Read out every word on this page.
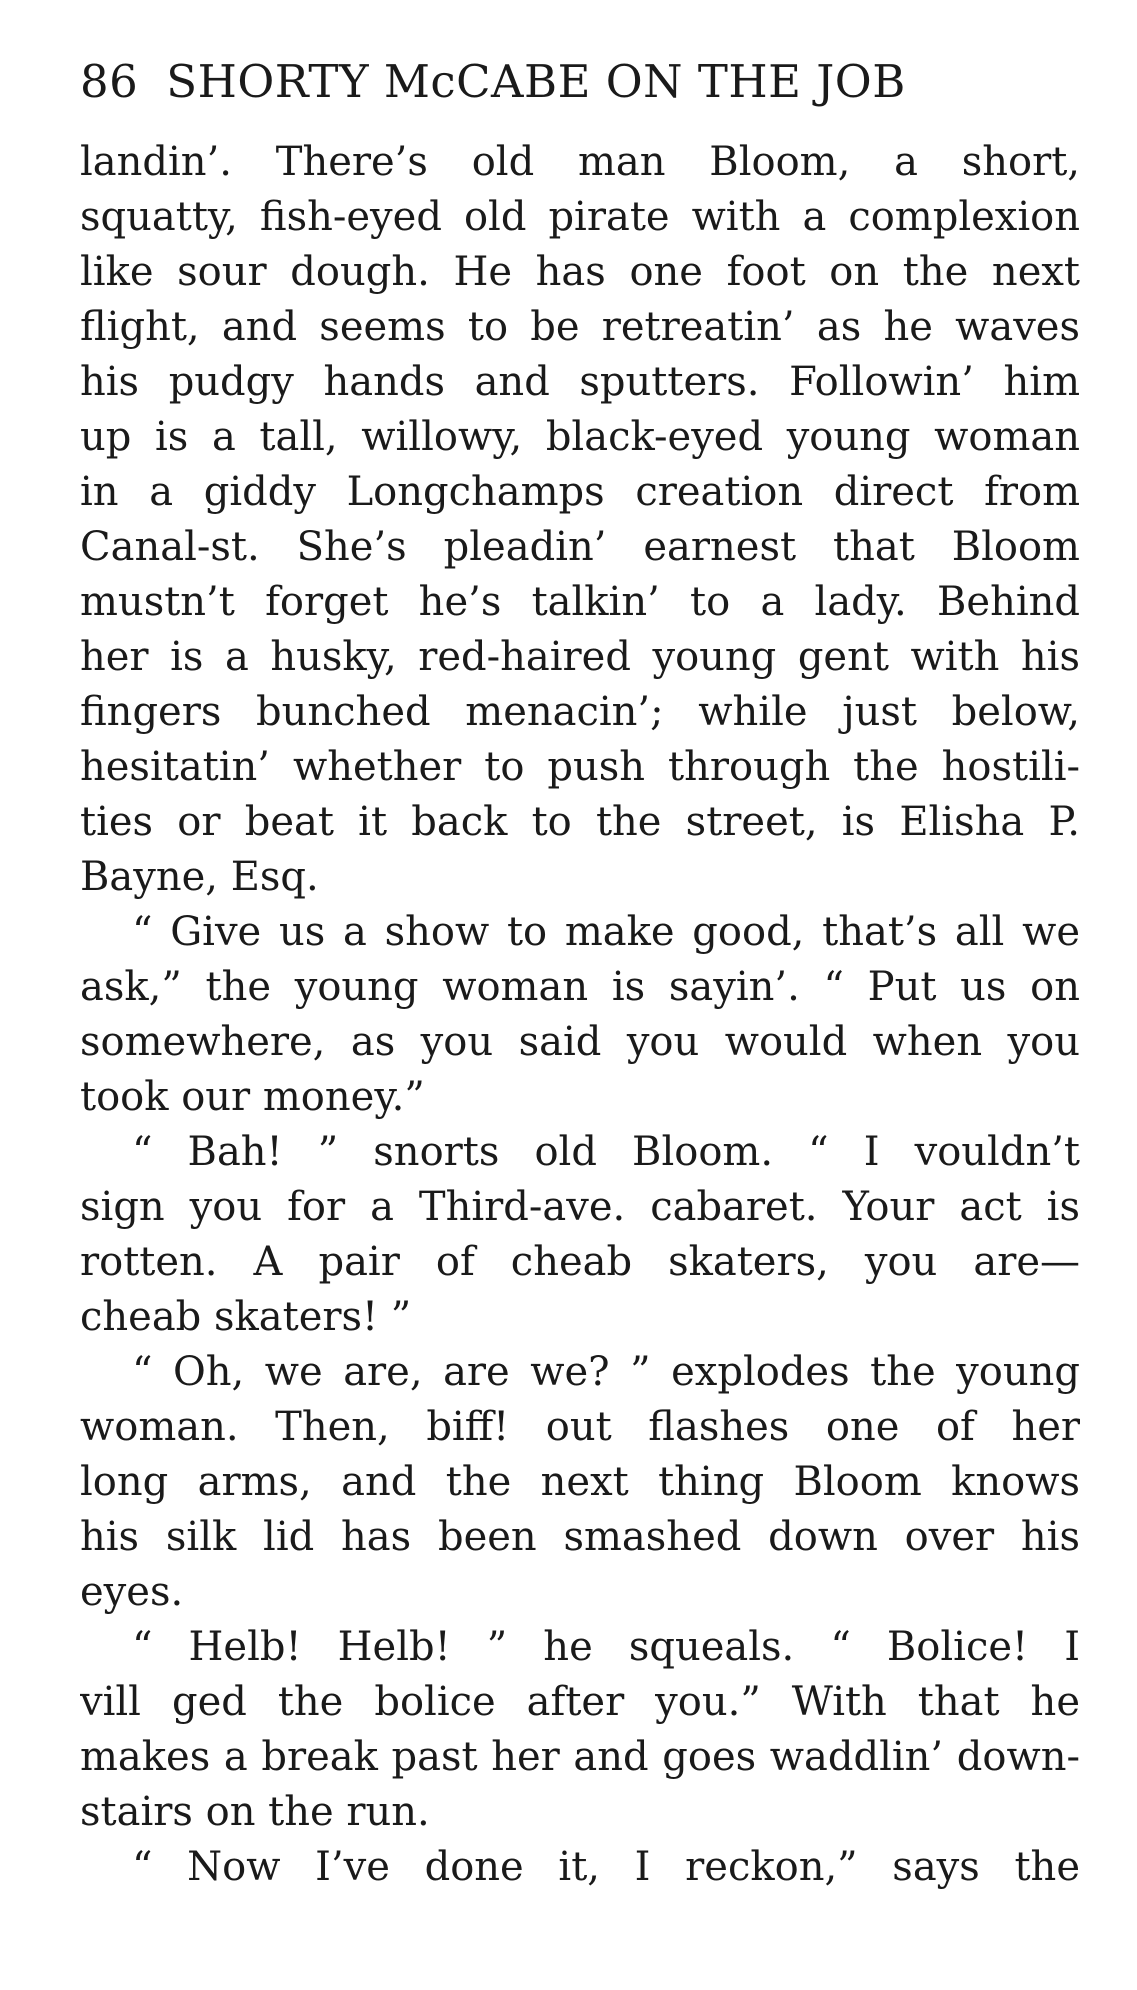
86 SHORTY McCABE ON THE JOB
landin’. There’s old man Bloom, a short,
squatty, fish-eyed old pirate with a complexion
like sour dough. He has one foot on the next
flight, and seems to be retreatin’ as he waves
his pudgy hands and sputters. Followin’ him
up is a tall, willowy, black-eyed young woman
in a giddy Longchamps creation direct from
Canal-st. She’s pleadin’ earnest that Bloom
mustn’t forget he’s talkin’ to a lady. Behind
her is a husky, red-haired young gent with his
fingers bunched menacin’; while just below,
hesitatin’ whether to push through the hostili-
ties or beat it back to the street, is Elisha P.
Bayne, Esq.
“ Give us a show to make good, that’s all we
ask,” the young woman is sayin’. “ Put us on
somewhere, as you said you would when you
took our money.”
“ Bah! ” snorts old Bloom. “ I vouldn’t
sign you for a Third-ave. cabaret. Your act is
rotten. A pair of cheab skaters, you are—
cheab skaters! ”
“ Oh, we are, are we? ” explodes the young
woman. Then, biff! out flashes one of her
long arms, and the next thing Bloom knows
his silk lid has been smashed down over his
eyes.
“ Helb! Helb! ” he squeals. “ Bolice! I
vill ged the bolice after you.” With that he
makes a break past her and goes waddlin’ down-
stairs on the run.
“ Now I’ve done it, I reckon,” says the
